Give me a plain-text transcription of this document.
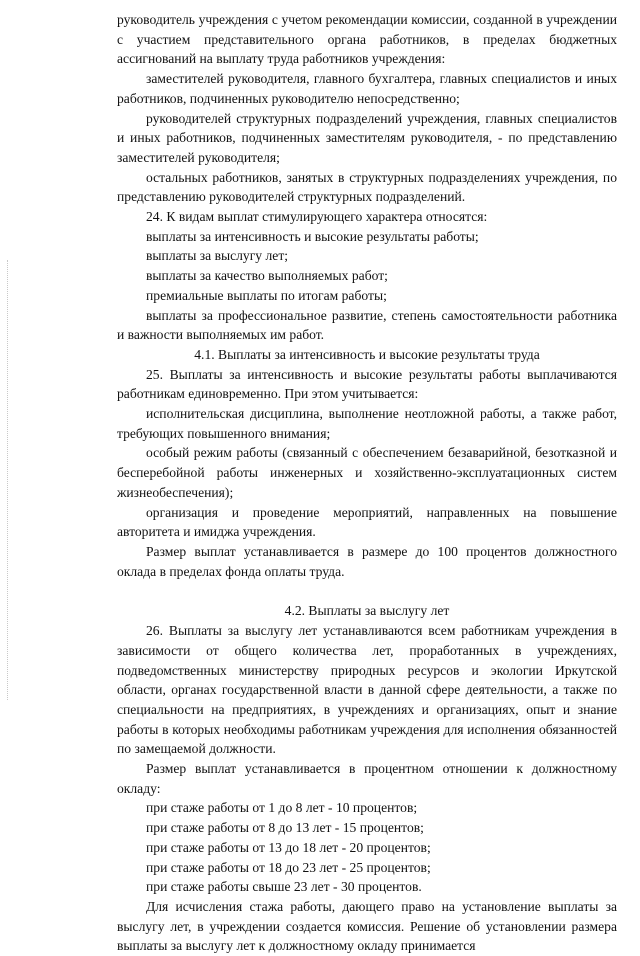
руководитель учреждения с учетом рекомендации комиссии, созданной в учреждении с участием представительного органа работников, в пределах бюджетных ассигнований на выплату труда работников учреждения:

заместителей руководителя, главного бухгалтера, главных специалистов и иных работников, подчиненных руководителю непосредственно;

руководителей структурных подразделений учреждения, главных специалистов и иных работников, подчиненных заместителям руководителя, - по представлению заместителей руководителя;

остальных работников, занятых в структурных подразделениях учреждения, по представлению руководителей структурных подразделений.

24. К видам выплат стимулирующего характера относятся:

выплаты за интенсивность и высокие результаты работы;

выплаты за выслугу лет;

выплаты за качество выполняемых работ;

премиальные выплаты по итогам работы;

выплаты за профессиональное развитие, степень самостоятельности работника и важности выполняемых им работ.

4.1. Выплаты за интенсивность и высокие результаты труда

25. Выплаты за интенсивность и высокие результаты работы выплачиваются работникам единовременно. При этом учитывается:

исполнительская дисциплина, выполнение неотложной работы, а также работ, требующих повышенного внимания;

особый режим работы (связанный с обеспечением безаварийной, безотказной и бесперебойной работы инженерных и хозяйственно-эксплуатационных систем жизнеобеспечения);

организация и проведение мероприятий, направленных на повышение авторитета и имиджа учреждения.

Размер выплат устанавливается в размере до 100 процентов должностного оклада в пределах фонда оплаты труда.

4.2. Выплаты за выслугу лет

26. Выплаты за выслугу лет устанавливаются всем работникам учреждения в зависимости от общего количества лет, проработанных в учреждениях, подведомственных министерству природных ресурсов и экологии Иркутской области, органах государственной власти в данной сфере деятельности, а также по специальности на предприятиях, в учреждениях и организациях, опыт и знание работы в которых необходимы работникам учреждения для исполнения обязанностей по замещаемой должности.

Размер выплат устанавливается в процентном отношении к должностному окладу:

при стаже работы от 1 до 8 лет - 10 процентов;

при стаже работы от 8 до 13 лет - 15 процентов;

при стаже работы от 13 до 18 лет - 20 процентов;

при стаже работы от 18 до 23 лет - 25 процентов;

при стаже работы свыше 23 лет - 30 процентов.

Для исчисления стажа работы, дающего право на установление выплаты за выслугу лет, в учреждении создается комиссия. Решение об установлении размера выплаты за выслугу лет к должностному окладу принимается
